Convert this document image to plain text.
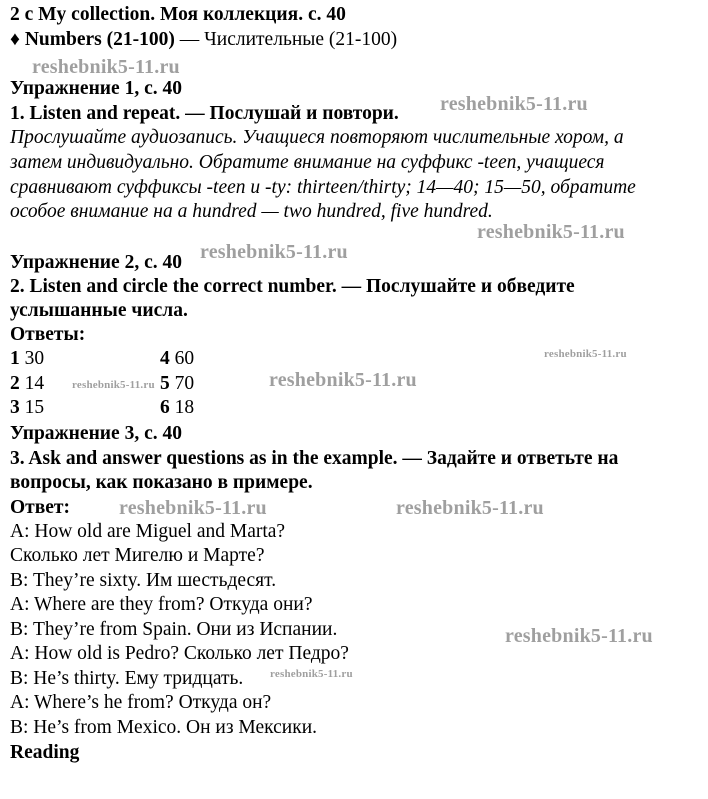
2 c My collection. Моя коллекция. с. 40
♦ Numbers (21-100) — Числительные (21-100)
Упражнение 1, с. 40
1. Listen and repeat. — Послушай и повтори.
Прослушайте аудиозапись. Учащиеся повторяют числительные хором, а
затем индивидуально. Обратите внимание на суффикс -teen, учащиеся
сравнивают суффиксы -teen и -ty: thirteen/thirty; 14—40; 15—50, обратите
особое внимание на a hundred — two hundred, five hundred.
Упражнение 2, с. 40
2. Listen and circle the correct number. — Послушайте и обведите
услышанные числа.
Ответы:
1 30
2 14
3 15
4 60
5 70
6 18
Упражнение 3, с. 40
3. Ask and answer questions as in the example. — Задайте и ответьте на
вопросы, как показано в примере.
Ответ:
A: How old are Miguel and Marta?
Сколько лет Мигелю и Марте?
B: They’re sixty. Им шестьдесят.
A: Where are they from? Откуда они?
B: They’re from Spain. Они из Испании.
A: How old is Pedro? Сколько лет Педро?
B: He’s thirty. Ему тридцать.
A: Where’s he from? Откуда он?
B: He’s from Mexico. Он из Мексики.
Reading
reshebnik5-11.ru
reshebnik5-11.ru
reshebnik5-11.ru
reshebnik5-11.ru
reshebnik5-11.ru
reshebnik5-11.ru	reshebnik5-11.ru
reshebnik5-11.ru	reshebnik5-11.ru
reshebnik5-11.ru
reshebnik5-11.ru
